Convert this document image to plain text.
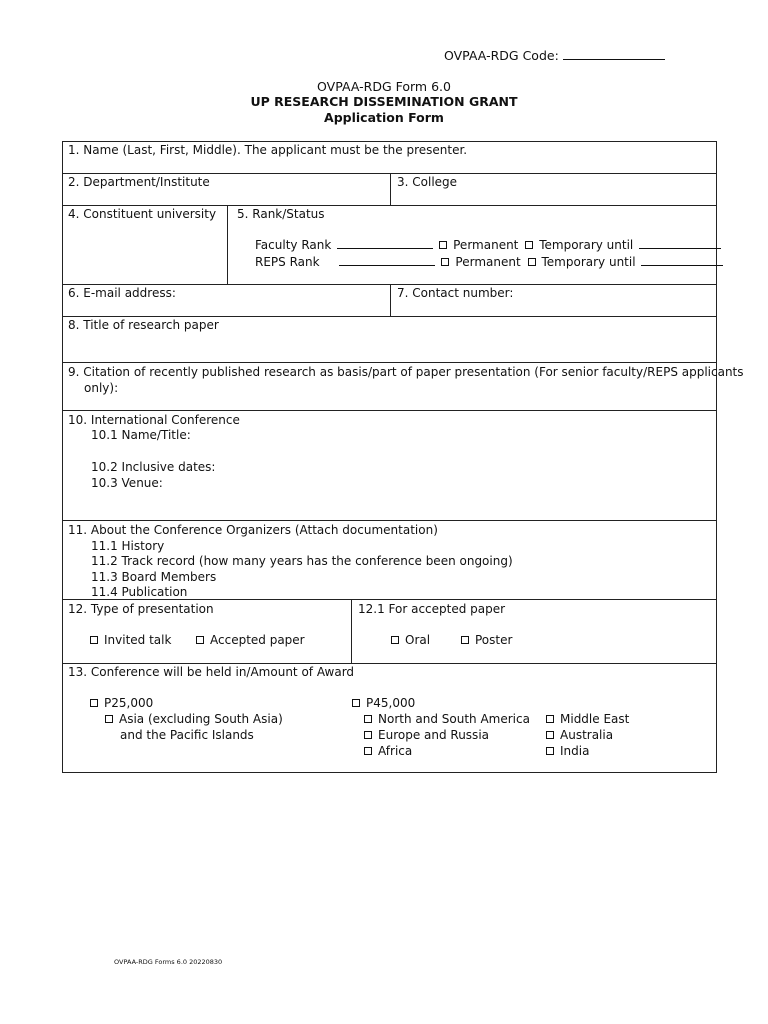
OVPAA-RDG Code:
OVPAA-RDG Form 6.0
UP RESEARCH DISSEMINATION GRANT
Application Form
1. Name (Last, First, Middle). The applicant must be the presenter.
2. Department/Institute	3. College
4. Constituent university 5. Rank/Status
Faculty Rank	Permanent Temporary until
REPS Rank	Permanent Temporary until
6. E-mail address:	7. Contact number:
8. Title of research paper
9. Citation of recently published research as basis/part of paper presentation (For senior faculty/REPS applicants
only):
10. International Conference
10.1 Name/Title:
10.2 Inclusive dates:
10.3 Venue:
11. About the Conference Organizers (Attach documentation)
11.1 History
11.2 Track record (how many years has the conference been ongoing)
11.3 Board Members
11.4 Publication
12. Type of presentation
Invited talk	Accepted paper
12.1 For accepted paper
Oral	Poster
13. Conference will be held in/Amount of Award
P25,000
Asia (excluding South Asia)
and the Pacific Islands
P45,000
North and South America
Europe and Russia
Africa
Middle East
Australia
India
OVPAA-RDG Forms 6.0 20220830
